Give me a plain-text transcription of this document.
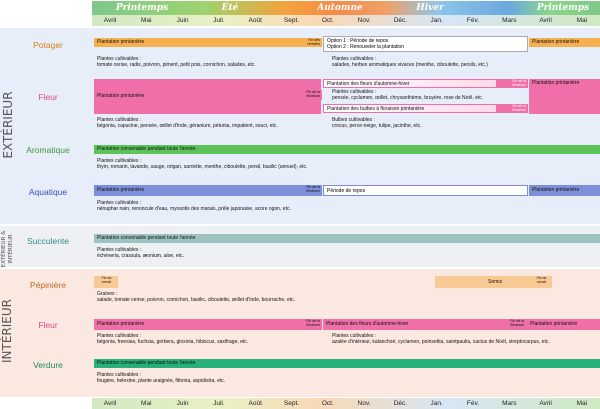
Printemps	Été	Automne	Hiver	Printemps
Avril	Mai	Juin	Juil.	Août	Sept.	Oct.	Nov.	Déc.	Jan.	Fév.	Mars	Avril	Mai
EXTÉRIEUR
EXTÉRIEUR & INTÉRIEUR
INTÉRIEUR
Potager	Plantation printanière	Fin des récoltes
Option 1 : Période de repos
Option 2 : Renouveler la plantation
Plantation printanière
Plantes cultivables :
tomate cerise, radis, poivron, piment, petit pois, cornichon, salades, etc.
Plantes cultivables :
salades, herbes aromatiques vivaces (menthe, ciboulette, persils, etc.)
Fleur	Plantation printanière
Fin de la floraison
Plantation des fleurs d'automne-hiver	Fin de la floraison
Plantes cultivables :
pensée, cyclamen, œillet, chrysanthème, bruyère, rose de Noël, etc.
Plantation des bulbes à floraison printanière	Fin de la floraison
Plantation printanière
Plantes cultivables :
bégonia, capucine, pensée, œillet d'Inde, géranium, pétunia, impatient, souci, etc.
Bulbes cultivables :
crocus, perce-neige, tulipe, jacinthe, etc.
Aromatique	Plantation convenable pendant toute l'année
Plantes cultivables :
thym, romarin, lavande, sauge, origan, sarriette, menthe, ciboulette, persil, basilic (annuel), etc.
Aquatique	Plantation printanière	Fin de la floraison	Période de repos	Plantation printanière
Plantes cultivables :
nénuphar nain, renoncule d'eau, myosotis des marais, prêle japonaise, acore ogon, etc.
Succulente	Plantation convenable pendant toute l'année
Plantes cultivables :
échéveria, crassula, æonium, aloe, etc.
Pépinière
Fin du semis	Semis
Fin du semis
Graines :
salade, tomate cerise, poivron, cornichon, basilic, ciboulette, œillet d'Inde, bourrache, etc.
Fleur	Plantation printanière	Fin de la floraison	Plantation des fleurs d'automne-hiver	Fin de la floraison	Plantation printanière
Plantes cultivables :
bégonia, freesias, fuchsia, gerbera, gloxinia, hibiscus, saxifrage, etc.
Plantes cultivables :
azalée d'intérieur, kalanchoé, cyclamen, poinsettia, saintpaulia, cactus de Noël, streptocarpus, etc.
Verdure	Plantation convenable pendant toute l'année
Plantes cultivables :
fougère, helexine, plante araignée, fittonia, aspidistra, etc.
Avril	Mai	Juin	Juil.	Août	Sept.	Oct.	Nov.	Déc.	Jan.	Fév.	Mars	Avril	Mai
